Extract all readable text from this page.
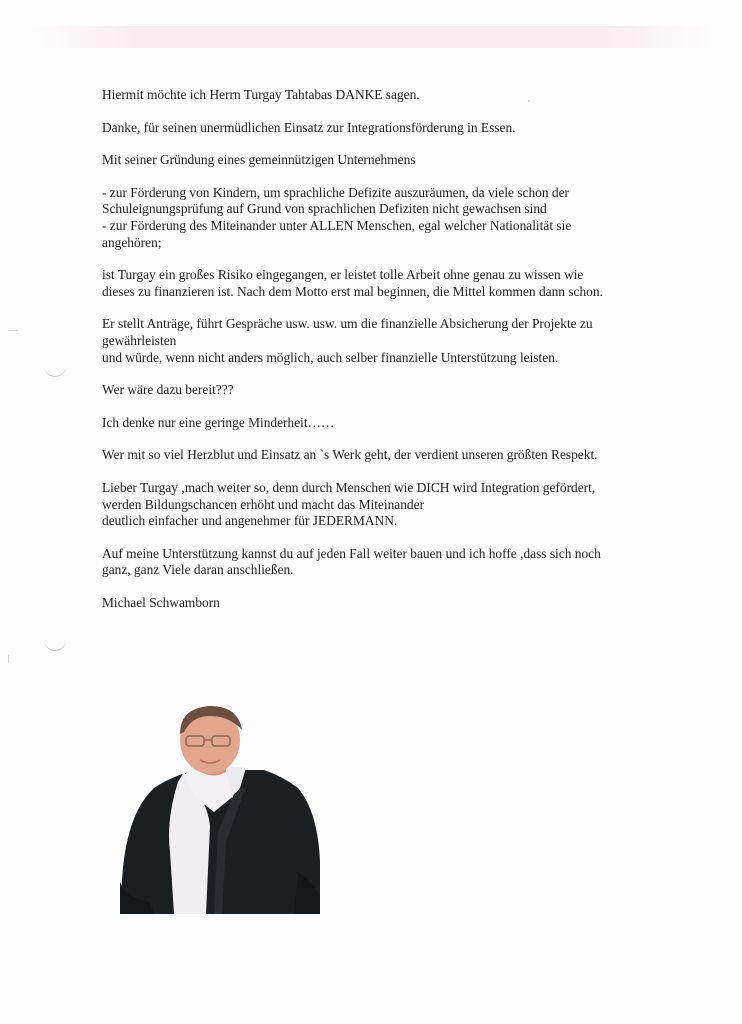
Hiermit möchte ich Herrn Turgay Tahtabas DANKE sagen.

Danke, für seinen unermüdlichen Einsatz zur Integrationsförderung in Essen.

Mit seiner Gründung eines gemeinnützigen Unternehmens

- zur Förderung von Kindern, um sprachliche Defizite auszuräumen, da viele schon der

Schuleignungsprüfung auf Grund von sprachlichen Defiziten nicht gewachsen sind

- zur Förderung des Miteinander unter ALLEN Menschen, egal welcher Nationalität sie

angehören;

ist Turgay ein großes Risiko eingegangen, er leistet tolle Arbeit ohne genau zu wissen wie

dieses zu finanzieren ist. Nach dem Motto erst mal beginnen, die Mittel kommen dann schon.

Er stellt Anträge, führt Gespräche usw. usw. um die finanzielle Absicherung der Projekte zu

gewährleisten

und würde, wenn nicht anders möglich, auch selber finanzielle Unterstützung leisten.

Wer wäre dazu bereit???

Ich denke nur eine geringe Minderheit……

Wer mit so viel Herzblut und Einsatz an `s Werk geht, der verdient unseren größten Respekt.

Lieber Turgay ,mach weiter so, denn durch Menschen wie DICH wird Integration gefördert,

werden Bildungschancen erhöht und macht das Miteinander

deutlich einfacher und angenehmer für JEDERMANN.

Auf meine Unterstützung kannst du auf jeden Fall weiter bauen und ich hoffe ,dass sich noch

ganz, ganz Viele daran anschließen.

Michael Schwamborn
